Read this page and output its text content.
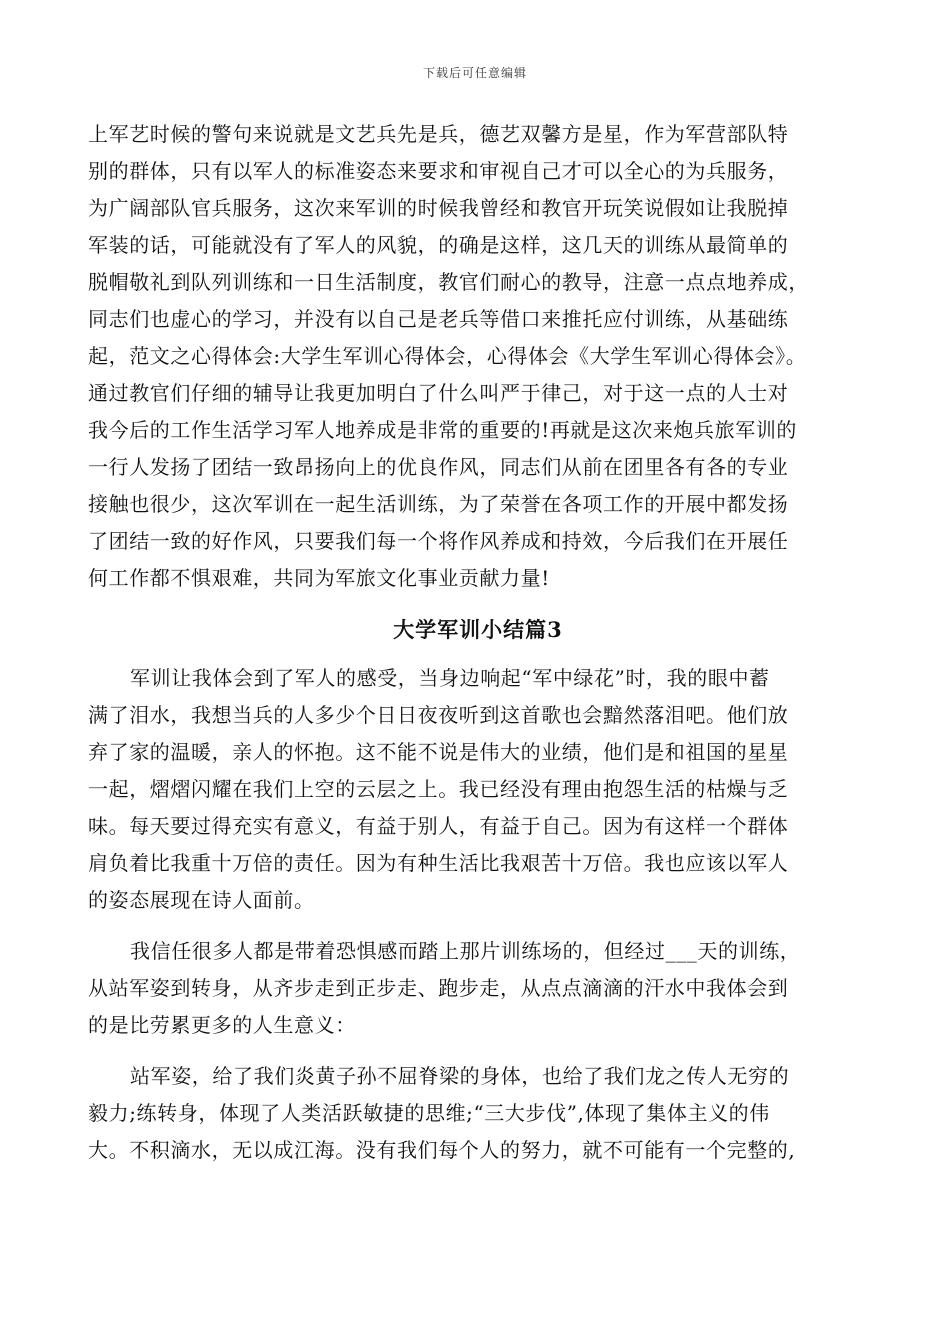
下载后可任意编辑
上军艺时候的警句来说就是文艺兵先是兵，德艺双馨方是星，作为军营部队特
别的群体，只有以军人的标准姿态来要求和审视自己才可以全心的为兵服务，
为广阔部队官兵服务，这次来军训的时候我曾经和教官开玩笑说假如让我脱掉
军装的话，可能就没有了军人的风貌，的确是这样，这几天的训练从最简单的
脱帽敬礼到队列训练和一日生活制度，教官们耐心的教导，注意一点点地养成，
同志们也虚心的学习，并没有以自己是老兵等借口来推托应付训练，从基础练
起，范文之心得体会:大学生军训心得体会，心得体会《大学生军训心得体会》。
通过教官们仔细的辅导让我更加明白了什么叫严于律己，对于这一点的人士对
我今后的工作生活学习军人地养成是非常的重要的!再就是这次来炮兵旅军训的
一行人发扬了团结一致昂扬向上的优良作风，同志们从前在团里各有各的专业
接触也很少，这次军训在一起生活训练，为了荣誉在各项工作的开展中都发扬
了团结一致的好作风，只要我们每一个将作风养成和持效，今后我们在开展任
何工作都不惧艰难，共同为军旅文化事业贡献力量!
大学军训小结篇3
军训让我体会到了军人的感受，当身边响起“军中绿花”时，我的眼中蓄
满了泪水，我想当兵的人多少个日日夜夜听到这首歌也会黯然落泪吧。他们放
弃了家的温暖，亲人的怀抱。这不能不说是伟大的业绩，他们是和祖国的星星
一起，熠熠闪耀在我们上空的云层之上。我已经没有理由抱怨生活的枯燥与乏
味。每天要过得充实有意义，有益于别人，有益于自己。因为有这样一个群体
肩负着比我重十万倍的责任。因为有种生活比我艰苦十万倍。我也应该以军人
的姿态展现在诗人面前。
我信任很多人都是带着恐惧感而踏上那片训练场的，但经过___天的训练，
从站军姿到转身，从齐步走到正步走、跑步走，从点点滴滴的汗水中我体会到
的是比劳累更多的人生意义：
站军姿，给了我们炎黄子孙不屈脊梁的身体，也给了我们龙之传人无穷的
毅力;练转身，体现了人类活跃敏捷的思维;“三大步伐”,体现了集体主义的伟
大。不积滴水，无以成江海。没有我们每个人的努力，就不可能有一个完整的,
